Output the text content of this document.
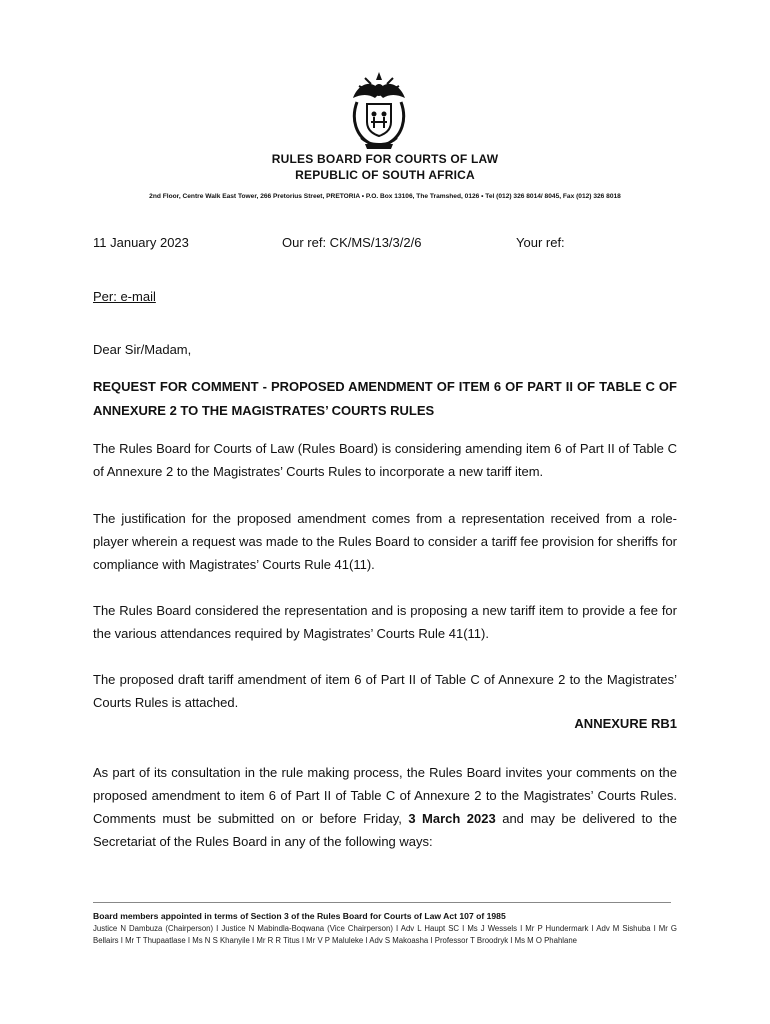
RULES BOARD FOR COURTS OF LAW
REPUBLIC OF SOUTH AFRICA
2nd Floor, Centre Walk East Tower, 266 Pretorius Street, PRETORIA • P.O. Box 13106, The Tramshed, 0126 • Tel (012) 326 8014/ 8045, Fax (012) 326 8018
11 January 2023	Our ref: CK/MS/13/3/2/6	Your ref:
Per: e-mail
Dear Sir/Madam,
REQUEST FOR COMMENT - PROPOSED AMENDMENT OF ITEM 6 OF PART II OF TABLE C OF ANNEXURE 2 TO THE MAGISTRATES’ COURTS RULES
The Rules Board for Courts of Law (Rules Board) is considering amending item 6 of Part II of Table C of Annexure 2 to the Magistrates’ Courts Rules to incorporate a new tariff item.
The justification for the proposed amendment comes from a representation received from a role-player wherein a request was made to the Rules Board to consider a tariff fee provision for sheriffs for compliance with Magistrates’ Courts Rule 41(11).
The Rules Board considered the representation and is proposing a new tariff item to provide a fee for the various attendances required by Magistrates’ Courts Rule 41(11).
The proposed draft tariff amendment of item 6 of Part II of Table C of Annexure 2 to the Magistrates’ Courts Rules is attached.
ANNEXURE RB1
As part of its consultation in the rule making process, the Rules Board invites your comments on the proposed amendment to item 6 of Part II of Table C of Annexure 2 to the Magistrates’ Courts Rules. Comments must be submitted on or before Friday, 3 March 2023 and may be delivered to the Secretariat of the Rules Board in any of the following ways:
Board members appointed in terms of Section 3 of the Rules Board for Courts of Law Act 107 of 1985
Justice N Dambuza (Chairperson) I Justice N Mabindla-Boqwana (Vice Chairperson) I Adv L Haupt SC I Ms J Wessels I Mr P Hundermark I Adv M Sishuba I Mr G Bellairs I Mr T Thupaatlase I Ms N S Khanyile I Mr R R Titus I Mr V P Maluleke I Adv S Makoasha I Professor T Broodryk I Ms M O Phahlane
